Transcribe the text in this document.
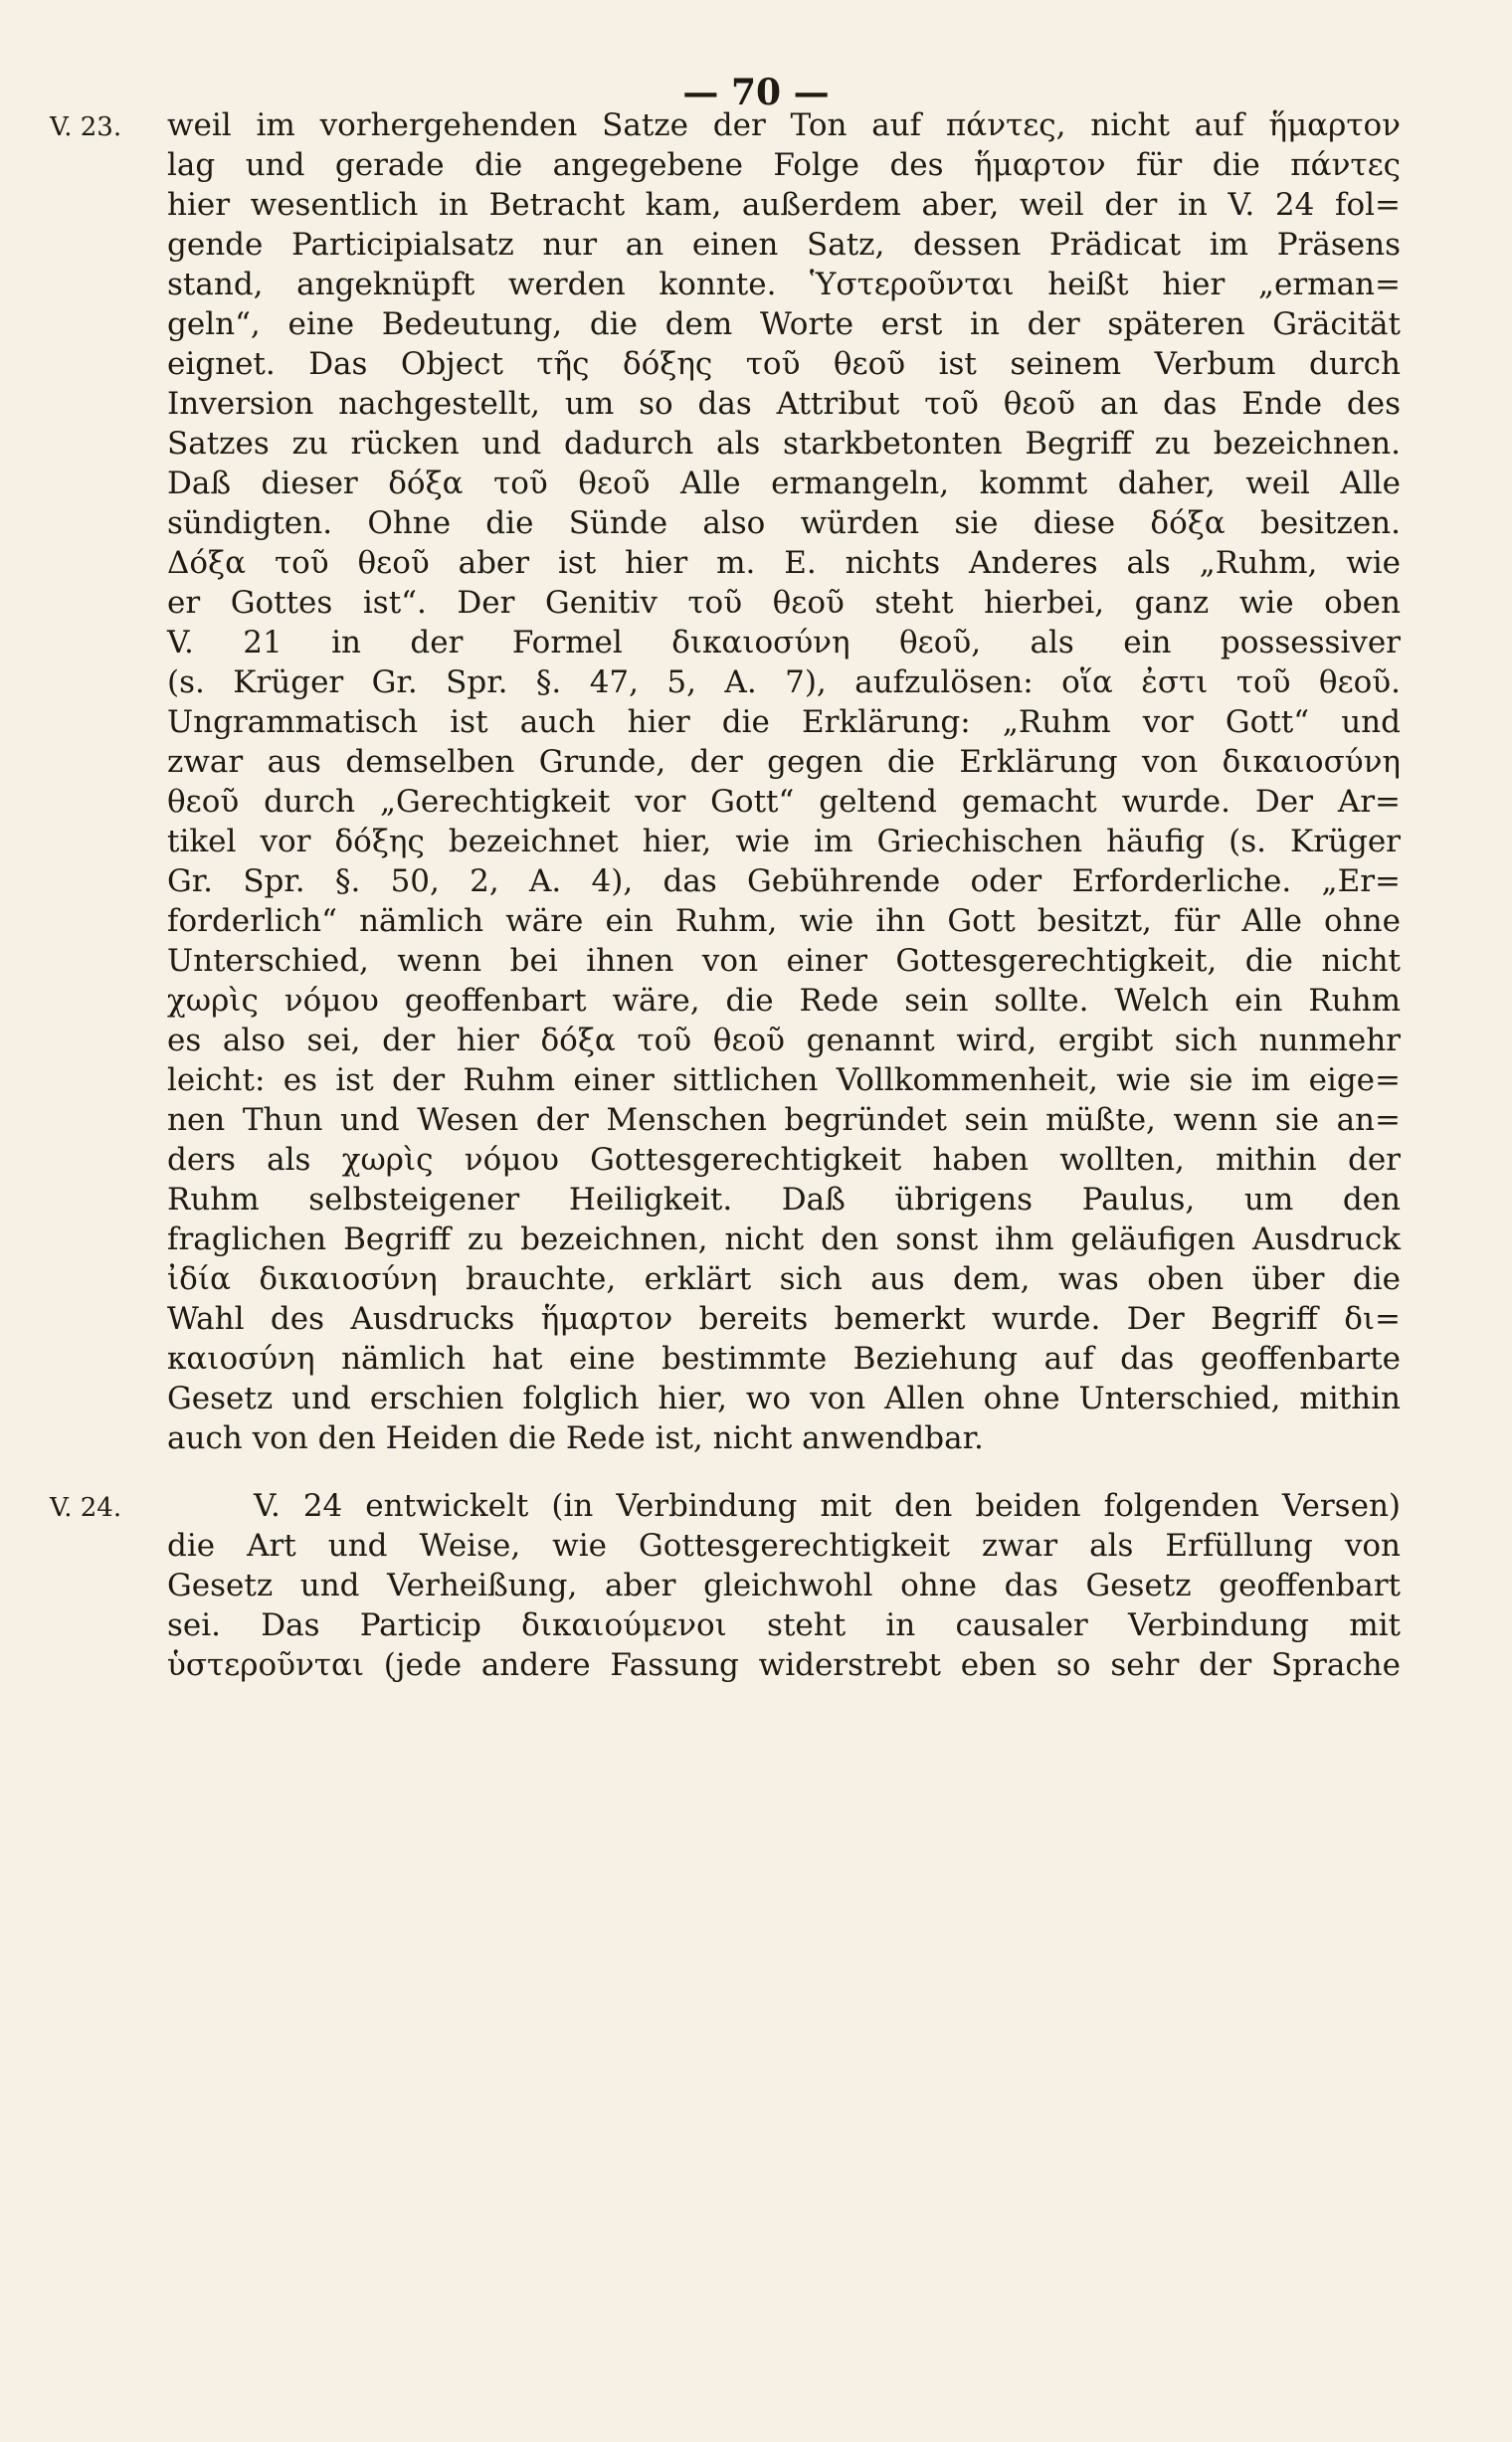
— 70 —
V. 23. weil im vorhergehenden Satze der Ton auf πάντες, nicht auf ἥμαρτον
lag und gerade die angegebene Folge des ἥμαρτον für die πάντες
hier wesentlich in Betracht kam, außerdem aber, weil der in V. 24 fol=
gende Participialsatz nur an einen Satz, dessen Prädicat im Präsens
stand, angeknüpft werden konnte. Ὑστεροῦνται heißt hier „erman=
geln“, eine Bedeutung, die dem Worte erst in der späteren Gräcität
eignet. Das Object τῆς δόξης τοῦ θεοῦ ist seinem Verbum durch
Inversion nachgestellt, um so das Attribut τοῦ θεοῦ an das Ende des
Satzes zu rücken und dadurch als starkbetonten Begriff zu bezeichnen.
Daß dieser δόξα τοῦ θεοῦ Alle ermangeln, kommt daher, weil Alle
sündigten. Ohne die Sünde also würden sie diese δόξα besitzen.
Δόξα τοῦ θεοῦ aber ist hier m. E. nichts Anderes als „Ruhm, wie
er Gottes ist“. Der Genitiv τοῦ θεοῦ steht hierbei, ganz wie oben
V. 21 in der Formel δικαιοσύνη θεοῦ, als ein possessiver
(s. Krüger Gr. Spr. §. 47, 5, A. 7), aufzulösen: οἵα ἐστι τοῦ θεοῦ.
Ungrammatisch ist auch hier die Erklärung: „Ruhm vor Gott“ und
zwar aus demselben Grunde, der gegen die Erklärung von δικαιοσύνη
θεοῦ durch „Gerechtigkeit vor Gott“ geltend gemacht wurde. Der Ar=
tikel vor δόξης bezeichnet hier, wie im Griechischen häufig (s. Krüger
Gr. Spr. §. 50, 2, A. 4), das Gebührende oder Erforderliche. „Er=
forderlich“ nämlich wäre ein Ruhm, wie ihn Gott besitzt, für Alle ohne
Unterschied, wenn bei ihnen von einer Gottesgerechtigkeit, die nicht
χωρὶς νόμου geoffenbart wäre, die Rede sein sollte. Welch ein Ruhm
es also sei, der hier δόξα τοῦ θεοῦ genannt wird, ergibt sich nunmehr
leicht: es ist der Ruhm einer sittlichen Vollkommenheit, wie sie im eige=
nen Thun und Wesen der Menschen begründet sein müßte, wenn sie an=
ders als χωρὶς νόμου Gottesgerechtigkeit haben wollten, mithin der
Ruhm selbsteigener Heiligkeit. Daß übrigens Paulus, um den
fraglichen Begriff zu bezeichnen, nicht den sonst ihm geläufigen Ausdruck
ἰδία δικαιοσύνη brauchte, erklärt sich aus dem, was oben über die
Wahl des Ausdrucks ἥμαρτον bereits bemerkt wurde. Der Begriff δι=
καιοσύνη nämlich hat eine bestimmte Beziehung auf das geoffenbarte
Gesetz und erschien folglich hier, wo von Allen ohne Unterschied, mithin
auch von den Heiden die Rede ist, nicht anwendbar.
V. 24.	V. 24 entwickelt (in Verbindung mit den beiden folgenden Versen)
die Art und Weise, wie Gottesgerechtigkeit zwar als Erfüllung von
Gesetz und Verheißung, aber gleichwohl ohne das Gesetz geoffenbart
sei. Das Particip δικαιούμενοι steht in causaler Verbindung mit
ὑστεροῦνται (jede andere Fassung widerstrebt eben so sehr der Sprache
